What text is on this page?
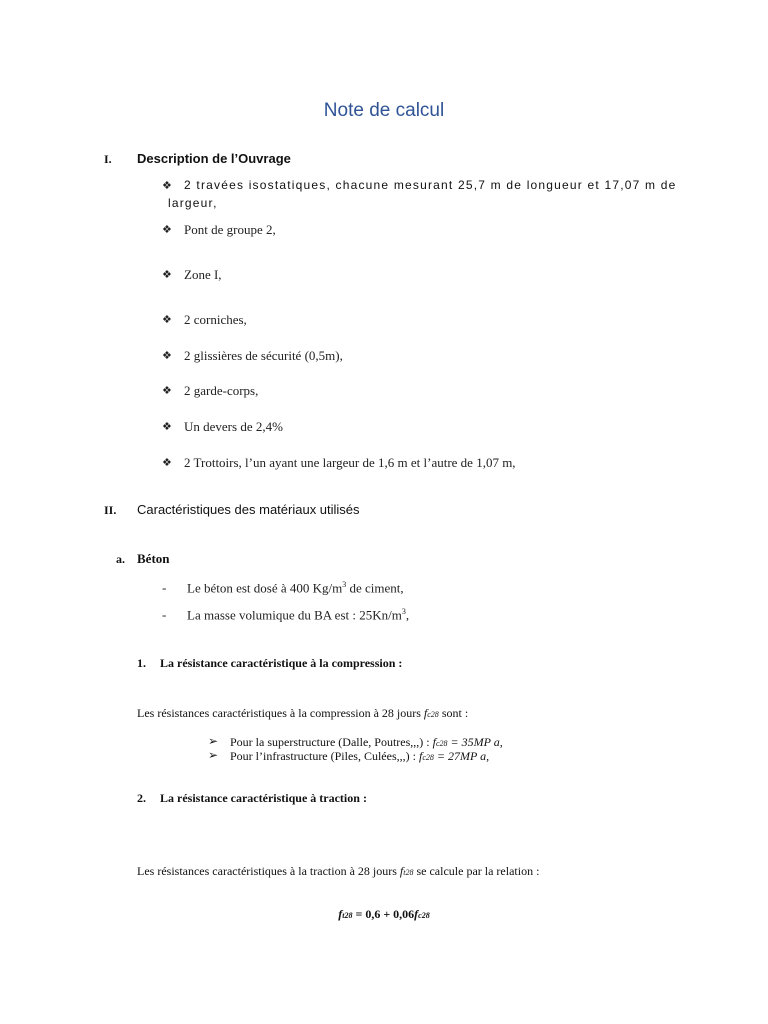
Note de calcul
I. Description de l’Ouvrage
❖ 2 travées isostatiques, chacune mesurant 25,7 m de longueur et 17,07 m de
largeur,
❖ Pont de groupe 2,
❖ Zone I,
❖ 2 corniches,
❖ 2 glissières de sécurité (0,5m),
❖ 2 garde-corps,
❖ Un devers de 2,4%
❖ 2 Trottoirs, l’un ayant une largeur de 1,6 m et l’autre de 1,07 m,
II. Caractéristiques des matériaux utilisés
a. Béton
- Le béton est dosé à 400 $Kg/m^3$ de ciment,
- La masse volumique du BA est : $25Kn/m^3$,
1. La résistance caractéristique à la compression :
Les résistances caractéristiques à la compression à 28 jours fc28 sont :
➢ Pour la superstructure (Dalle, Poutres,,,) : fc28 = 35MP a,
➢ Pour l’infrastructure (Piles, Culées,,,) : fc28 = 27MP a,
2. La résistance caractéristique à traction :
Les résistances caractéristiques à la traction à 28 jours ft28 se calcule par la relation :
ft28 = 0,6 + 0,06fc28
